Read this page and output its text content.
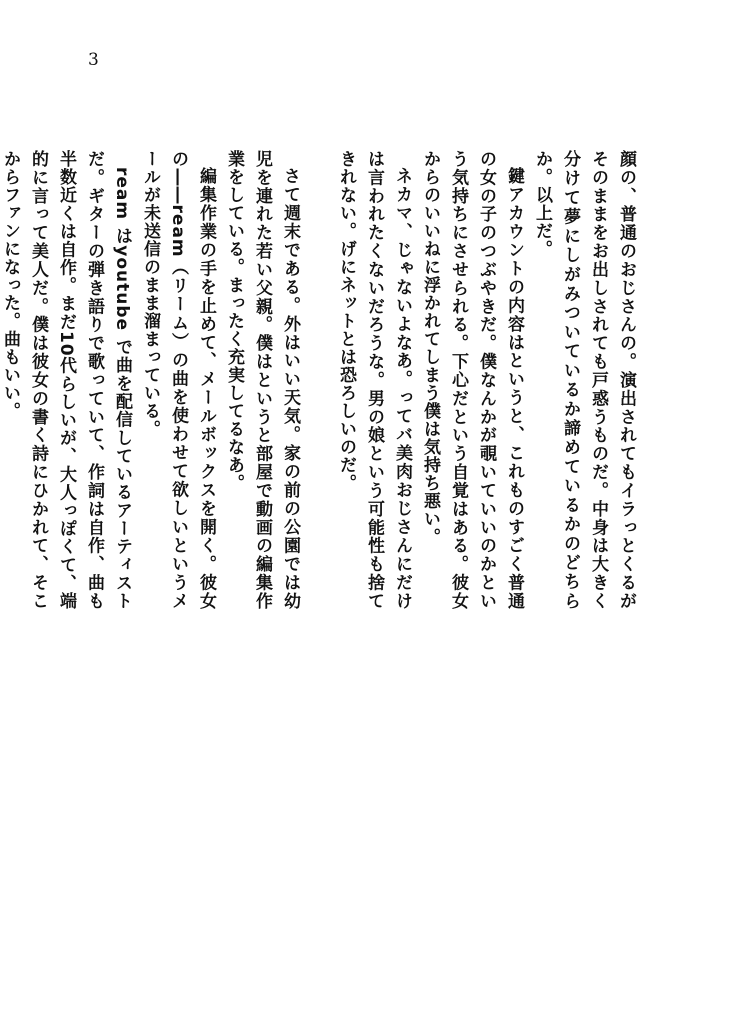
3

顔の、普通のおじさんの。演出されてもイラっとくるがそのままをお出しされても戸惑うものだ。中身は大きく分けて夢にしがみついているか諦めているかのどちらか。以上だ。

鍵アカウントの内容はというと、これものすごく普通の女の子のつぶやきだ。僕なんかが覗いていいのかという気持ちにさせられる。下心だという自覚はある。彼女からのいいねに浮かれてしまう僕は気持ち悪い。

ネカマ、じゃないよなあ。ってバ美肉おじさんにだけは言われたくないだろうな。男の娘という可能性も捨てきれない。げにネットとは恐ろしいのだ。

さて週末である。外はいい天気。家の前の公園では幼児を連れた若い父親。僕はというと部屋で動画の編集作業をしている。まったく充実してるなあ。

編集作業の手を止めて、メールボックスを開く。彼女の――ream（リーム）の曲を使わせて欲しいというメールが未送信のまま溜まっている。

ream はyoutube で曲を配信しているアーティストだ。ギターの弾き語りで歌っていて、作詞は自作、曲も半数近くは自作。まだ10代らしいが、大人っぽくて、端的に言って美人だ。僕は彼女の書く詩にひかれて、そこからファンになった。曲もいい。
